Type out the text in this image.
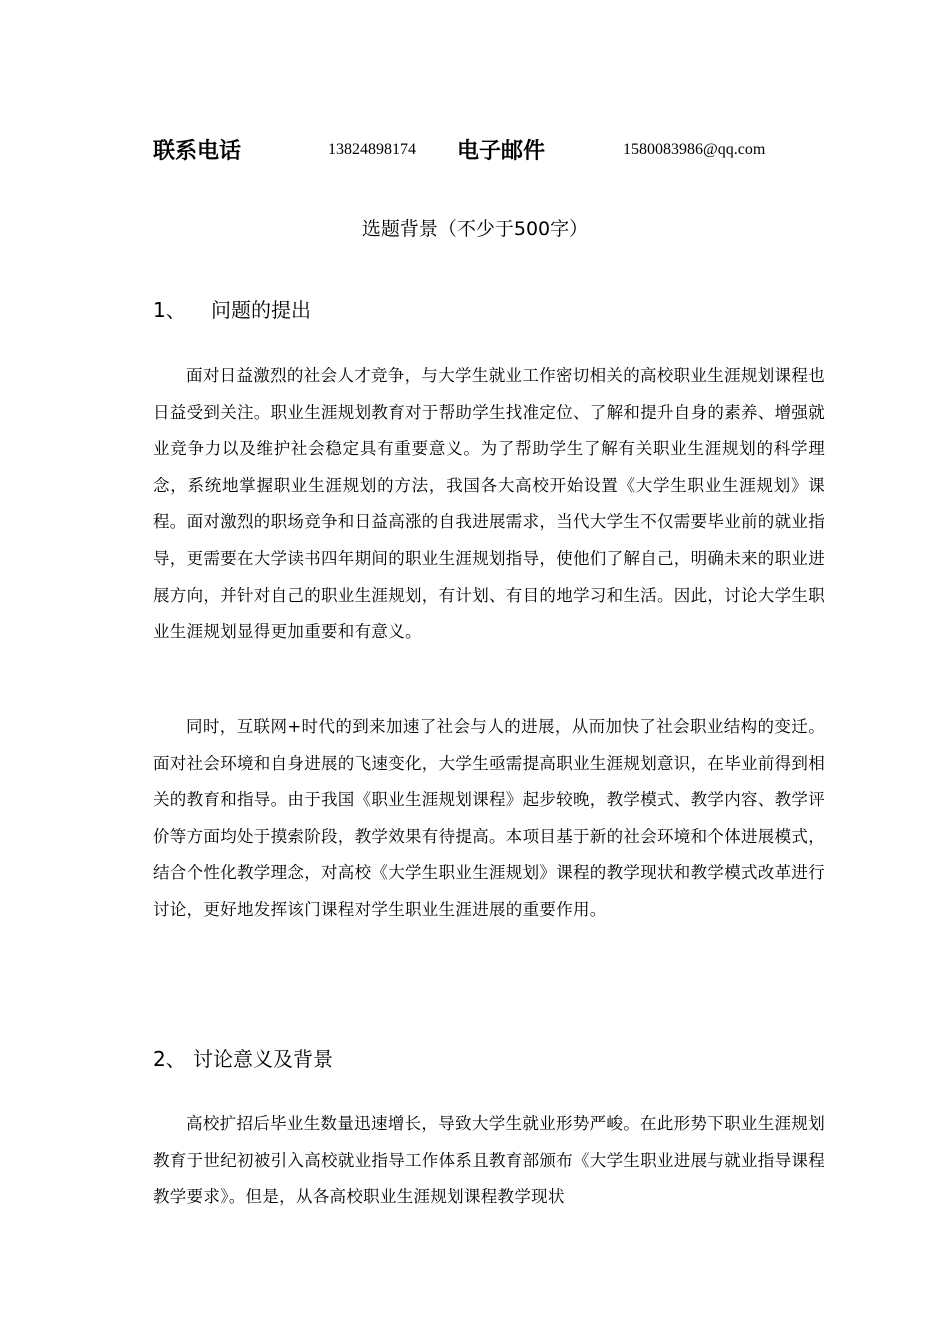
联系电话	13824898174 电子邮件	1580083986@qq.com
选题背景（不少于500字）
1、 问题的提出

面对日益激烈的社会人才竞争，与大学生就业工作密切相关的高校职业生涯规划课程也日益受到关注。职业生涯规划教育对于帮助学生找准定位、了解和提升自身的素养、增强就业竞争力以及维护社会稳定具有重要意义。为了帮助学生了解有关职业生涯规划的科学理念，系统地掌握职业生涯规划的方法，我国各大高校开始设置《大学生职业生涯规划》课程。面对激烈的职场竞争和日益高涨的自我进展需求，当代大学生不仅需要毕业前的就业指导，更需要在大学读书四年期间的职业生涯规划指导，使他们了解自己，明确未来的职业进展方向，并针对自己的职业生涯规划，有计划、有目的地学习和生活。因此，讨论大学生职业生涯规划显得更加重要和有意义。

同时，互联网+时代的到来加速了社会与人的进展，从而加快了社会职业结构的变迁。面对社会环境和自身进展的飞速变化，大学生亟需提高职业生涯规划意识，在毕业前得到相关的教育和指导。由于我国《职业生涯规划课程》起步较晚，教学模式、教学内容、教学评价等方面均处于摸索阶段，教学效果有待提高。本项目基于新的社会环境和个体进展模式，结合个性化教学理念，对高校《大学生职业生涯规划》课程的教学现状和教学模式改革进行讨论，更好地发挥该门课程对学生职业生涯进展的重要作用。

2、 讨论意义及背景

高校扩招后毕业生数量迅速增长，导致大学生就业形势严峻。在此形势下职业生涯规划教育于世纪初被引入高校就业指导工作体系且教育部颁布《大学生职业进展与就业指导课程教学要求》。但是，从各高校职业生涯规划课程教学现状
